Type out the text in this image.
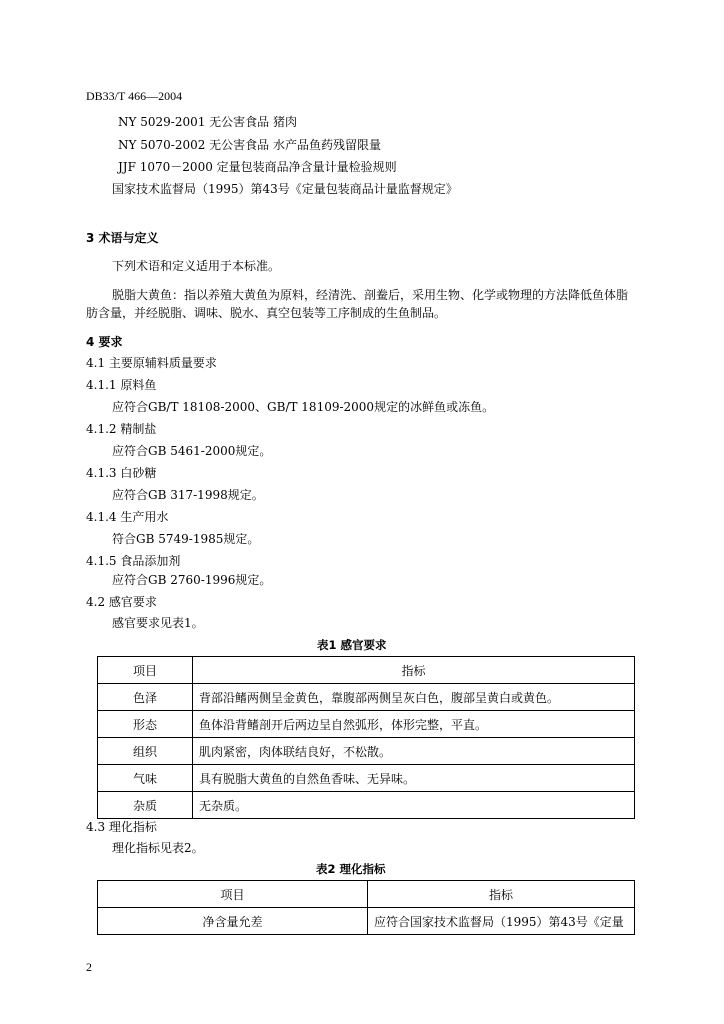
DB33/T 466—2004
NY 5029-2001 无公害食品 猪肉
NY 5070-2002 无公害食品 水产品鱼药残留限量
JJF 1070－2000 定量包装商品净含量计量检验规则
国家技术监督局（1995）第43号《定量包装商品计量监督规定》
3 术语与定义
下列术语和定义适用于本标准。
脱脂大黄鱼：指以养殖大黄鱼为原料，经清洗、剖鲞后，采用生物、化学或物理的方法降低鱼体脂
肪含量，并经脱脂、调味、脱水、真空包装等工序制成的生鱼制品。
4 要求
4.1 主要原辅料质量要求
4.1.1 原料鱼
应符合GB/T 18108-2000、GB/T 18109-2000规定的冰鲜鱼或冻鱼。
4.1.2 精制盐
应符合GB 5461-2000规定。
4.1.3 白砂糖
应符合GB 317-1998规定。
4.1.4 生产用水
符合GB 5749-1985规定。
4.1.5 食品添加剂
应符合GB 2760-1996规定。
4.2 感官要求
感官要求见表1。
表1 感官要求
项目	指标
色泽	背部沿鳍两侧呈金黄色，靠腹部两侧呈灰白色，腹部呈黄白或黄色。
形态	鱼体沿背鳍剖开后两边呈自然弧形，体形完整，平直。
组织	肌肉紧密，肉体联结良好，不松散。
气味	具有脱脂大黄鱼的自然鱼香味、无异味。
杂质	无杂质。
4.3 理化指标
理化指标见表2。
表2 理化指标
项目	指标
净含量允差	应符合国家技术监督局（1995）第43号《定量
2
